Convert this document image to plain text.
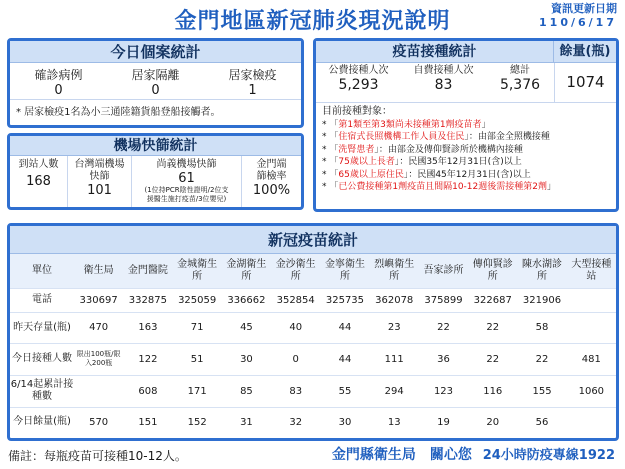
金門地區新冠肺炎現況說明
資訊更新日期
110/6/17
今日個案統計
確診病例
0
居家隔離
0
居家檢疫
1
* 居家檢疫1名為小三通陸籍貨船登船接觸者。
機場快篩統計
到站人數
168
台灣端機場
快篩
101
尚義機場快篩
61
(1位持PCR陰性證明/2位支
援醫生施打疫苗/3位嬰兒)
金門端
篩檢率
100%
疫苗接種統計	餘量(瓶)
公費接種人次
5,293
自費接種人次
83
總計
5,376	1074
目前接種對象：
* 「第1類至第3類尚未接種第1劑疫苗者」
* 「住宿式長照機構工作人員及住民」：由部金全照機接種
* 「洗腎患者」：由部金及傳仰賢診所於機構內接種
* 「75歲以上長者」：民國35年12月31日(含)以上
* 「65歲以上原住民」：民國45年12月31日(含)以上
* 「已公費接種第1劑疫苗且間隔10-12週後需接種第2劑」
新冠疫苗統計
單位	衛生局	金門醫院	金城衛生所	金湖衛生所	金沙衛生所	金寧衛生所	烈嶼衛生所	吾家診所	傳仰賢診所	陳水湖診所	大型接種站
電話	330697	332875	325059	336662	352854	325735	362078	375899	322687	321906	
昨天存量(瓶)	470	163	71	45	40	44	23	22	22	58	
今日接種人數	限出100瓶/限入200瓶	122	51	30	0	44	111	36	22	22	481
6/14起累計接種數		608	171	85	83	55	294	123	116	155	1060
今日餘量(瓶)	570	151	152	31	32	30	13	19	20	56	
備註：每瓶疫苗可接種10-12人。	金門縣衛生局　關心您 24小時防疫專線1922
